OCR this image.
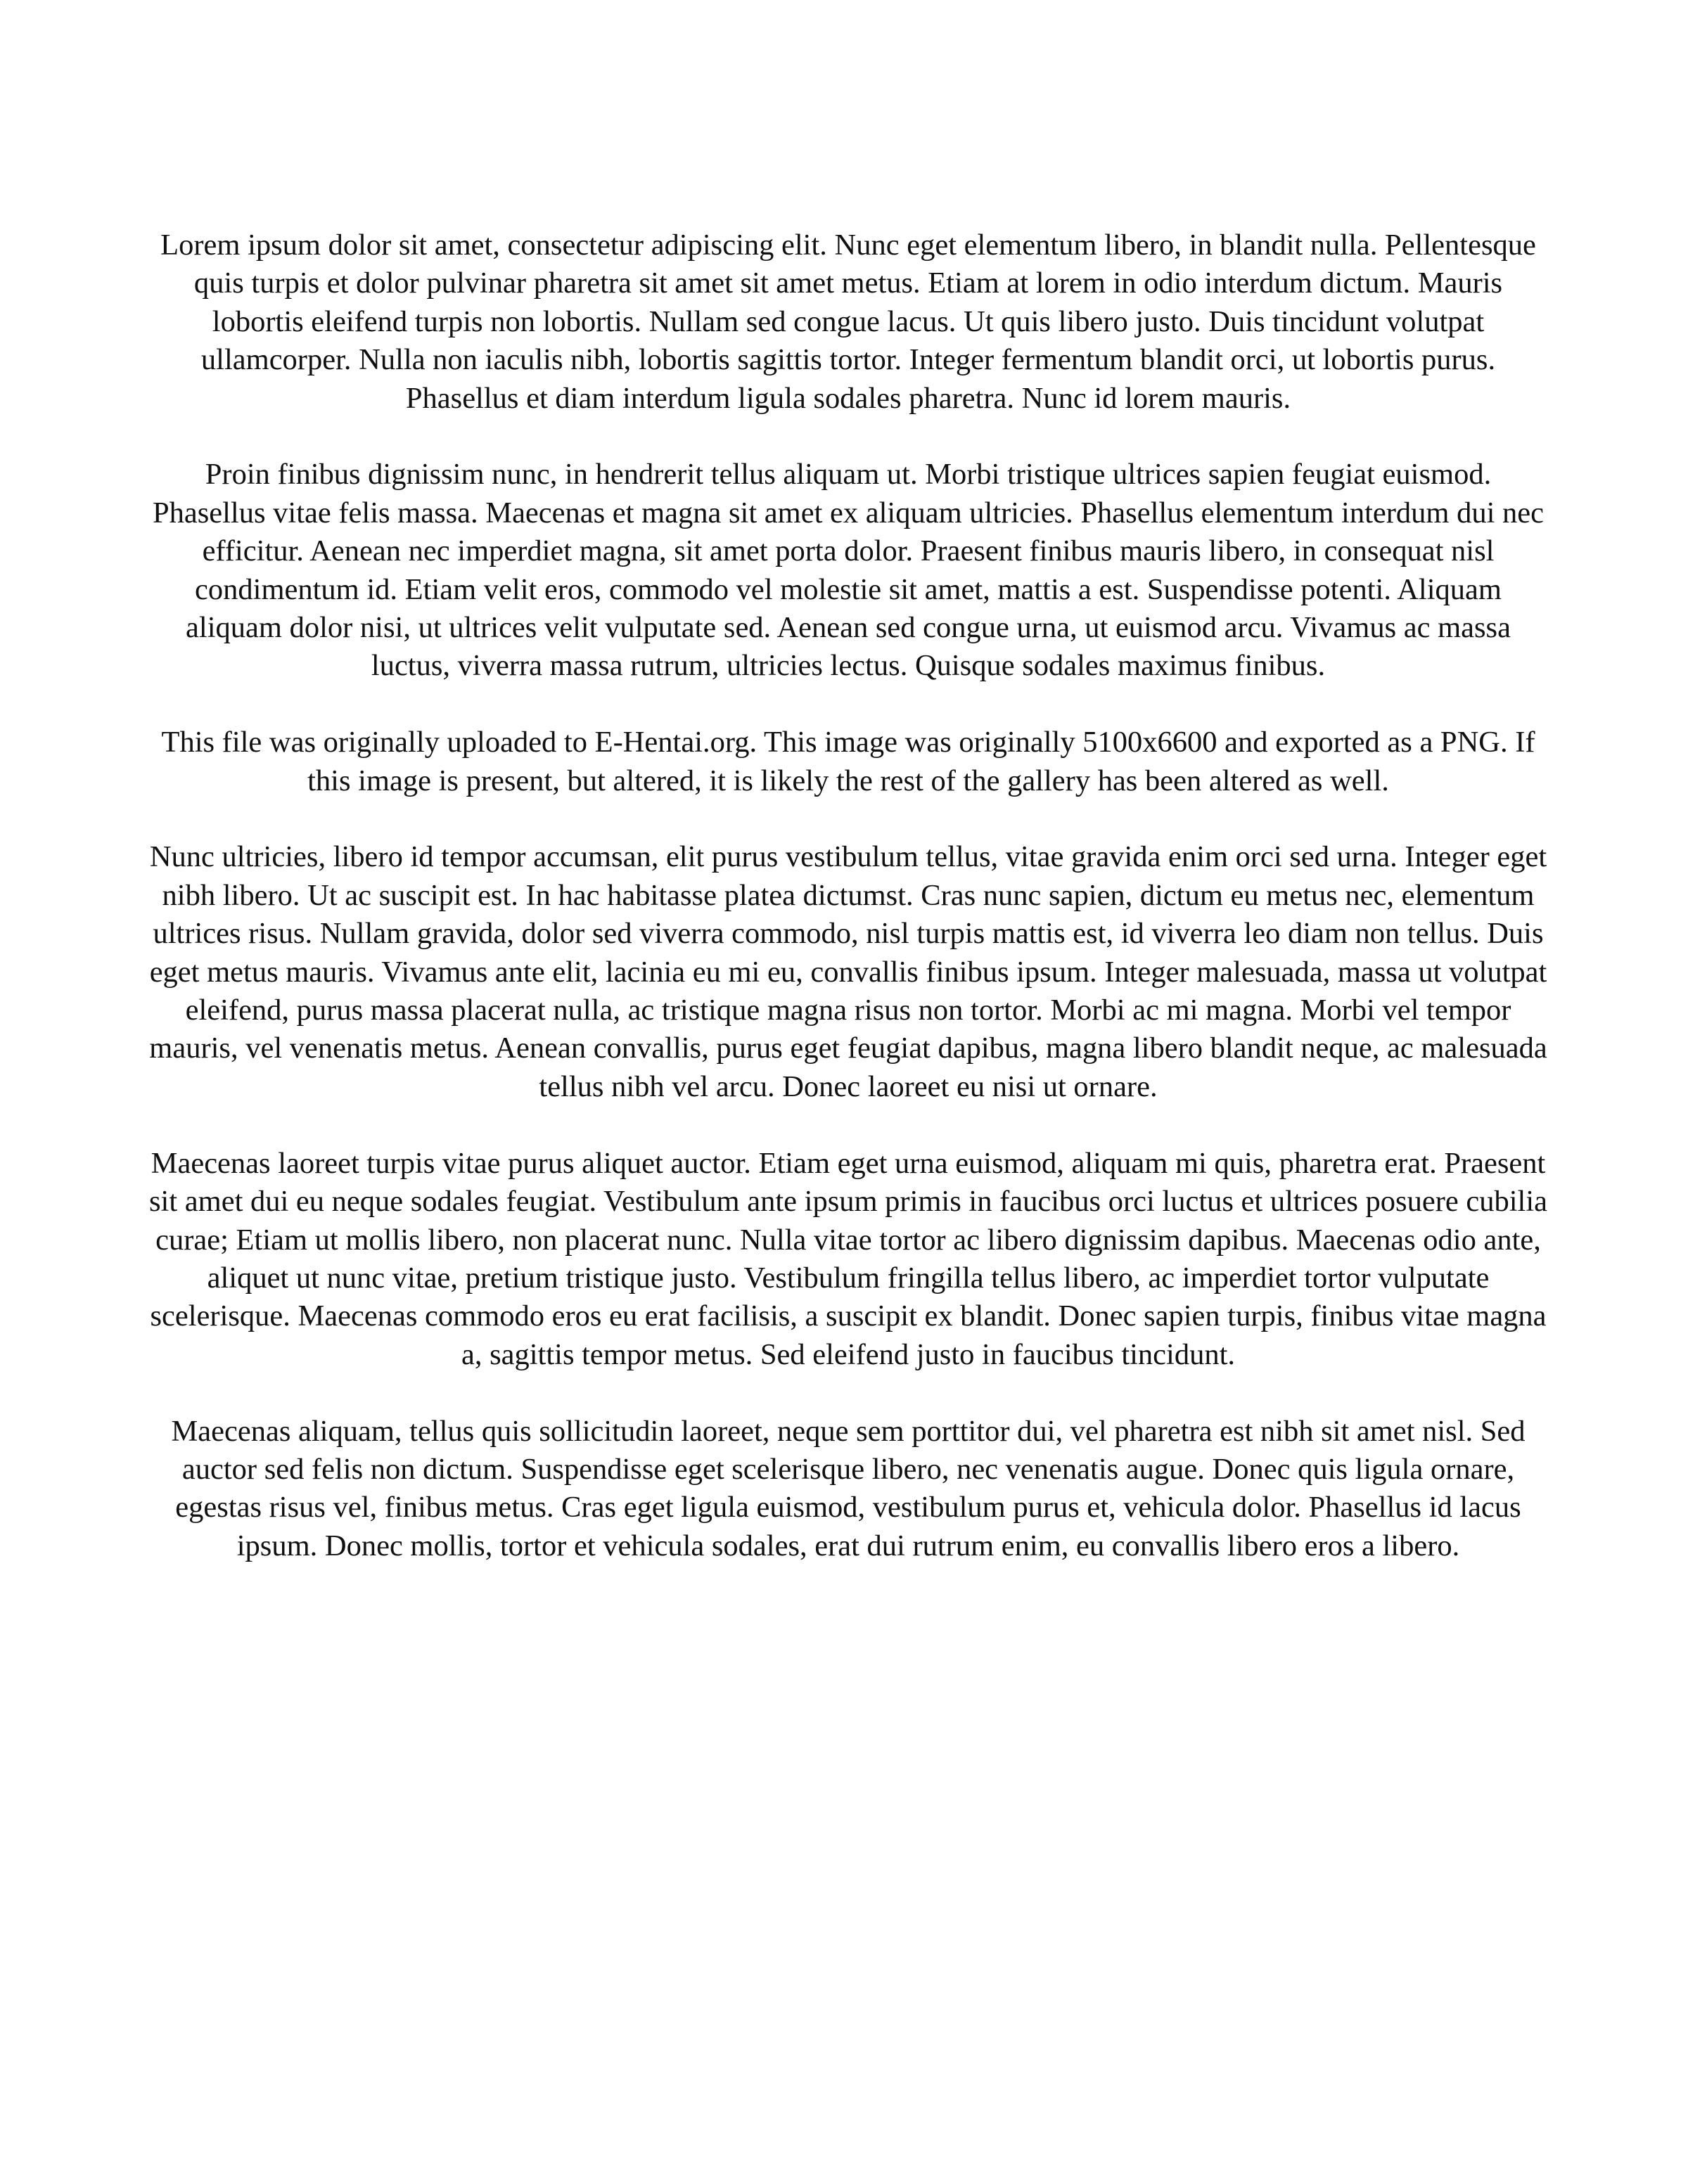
Lorem ipsum dolor sit amet, consectetur adipiscing elit. Nunc eget elementum libero, in blandit nulla. Pellentesque quis turpis et dolor pulvinar pharetra sit amet sit amet metus. Etiam at lorem in odio interdum dictum. Mauris lobortis eleifend turpis non lobortis. Nullam sed congue lacus. Ut quis libero justo. Duis tincidunt volutpat ullamcorper. Nulla non iaculis nibh, lobortis sagittis tortor. Integer fermentum blandit orci, ut lobortis purus. Phasellus et diam interdum ligula sodales pharetra. Nunc id lorem mauris.

Proin finibus dignissim nunc, in hendrerit tellus aliquam ut. Morbi tristique ultrices sapien feugiat euismod. Phasellus vitae felis massa. Maecenas et magna sit amet ex aliquam ultricies. Phasellus elementum interdum dui nec efficitur. Aenean nec imperdiet magna, sit amet porta dolor. Praesent finibus mauris libero, in consequat nisl condimentum id. Etiam velit eros, commodo vel molestie sit amet, mattis a est. Suspendisse potenti. Aliquam aliquam dolor nisi, ut ultrices velit vulputate sed. Aenean sed congue urna, ut euismod arcu. Vivamus ac massa luctus, viverra massa rutrum, ultricies lectus. Quisque sodales maximus finibus.

This file was originally uploaded to E-Hentai.org. This image was originally 5100x6600 and exported as a PNG. If this image is present, but altered, it is likely the rest of the gallery has been altered as well.

Nunc ultricies, libero id tempor accumsan, elit purus vestibulum tellus, vitae gravida enim orci sed urna. Integer eget nibh libero. Ut ac suscipit est. In hac habitasse platea dictumst. Cras nunc sapien, dictum eu metus nec, elementum ultrices risus. Nullam gravida, dolor sed viverra commodo, nisl turpis mattis est, id viverra leo diam non tellus. Duis eget metus mauris. Vivamus ante elit, lacinia eu mi eu, convallis finibus ipsum. Integer malesuada, massa ut volutpat eleifend, purus massa placerat nulla, ac tristique magna risus non tortor. Morbi ac mi magna. Morbi vel tempor mauris, vel venenatis metus. Aenean convallis, purus eget feugiat dapibus, magna libero blandit neque, ac malesuada tellus nibh vel arcu. Donec laoreet eu nisi ut ornare.

Maecenas laoreet turpis vitae purus aliquet auctor. Etiam eget urna euismod, aliquam mi quis, pharetra erat. Praesent sit amet dui eu neque sodales feugiat. Vestibulum ante ipsum primis in faucibus orci luctus et ultrices posuere cubilia curae; Etiam ut mollis libero, non placerat nunc. Nulla vitae tortor ac libero dignissim dapibus. Maecenas odio ante, aliquet ut nunc vitae, pretium tristique justo. Vestibulum fringilla tellus libero, ac imperdiet tortor vulputate scelerisque. Maecenas commodo eros eu erat facilisis, a suscipit ex blandit. Donec sapien turpis, finibus vitae magna a, sagittis tempor metus. Sed eleifend justo in faucibus tincidunt.

Maecenas aliquam, tellus quis sollicitudin laoreet, neque sem porttitor dui, vel pharetra est nibh sit amet nisl. Sed auctor sed felis non dictum. Suspendisse eget scelerisque libero, nec venenatis augue. Donec quis ligula ornare, egestas risus vel, finibus metus. Cras eget ligula euismod, vestibulum purus et, vehicula dolor. Phasellus id lacus ipsum. Donec mollis, tortor et vehicula sodales, erat dui rutrum enim, eu convallis libero eros a libero.
